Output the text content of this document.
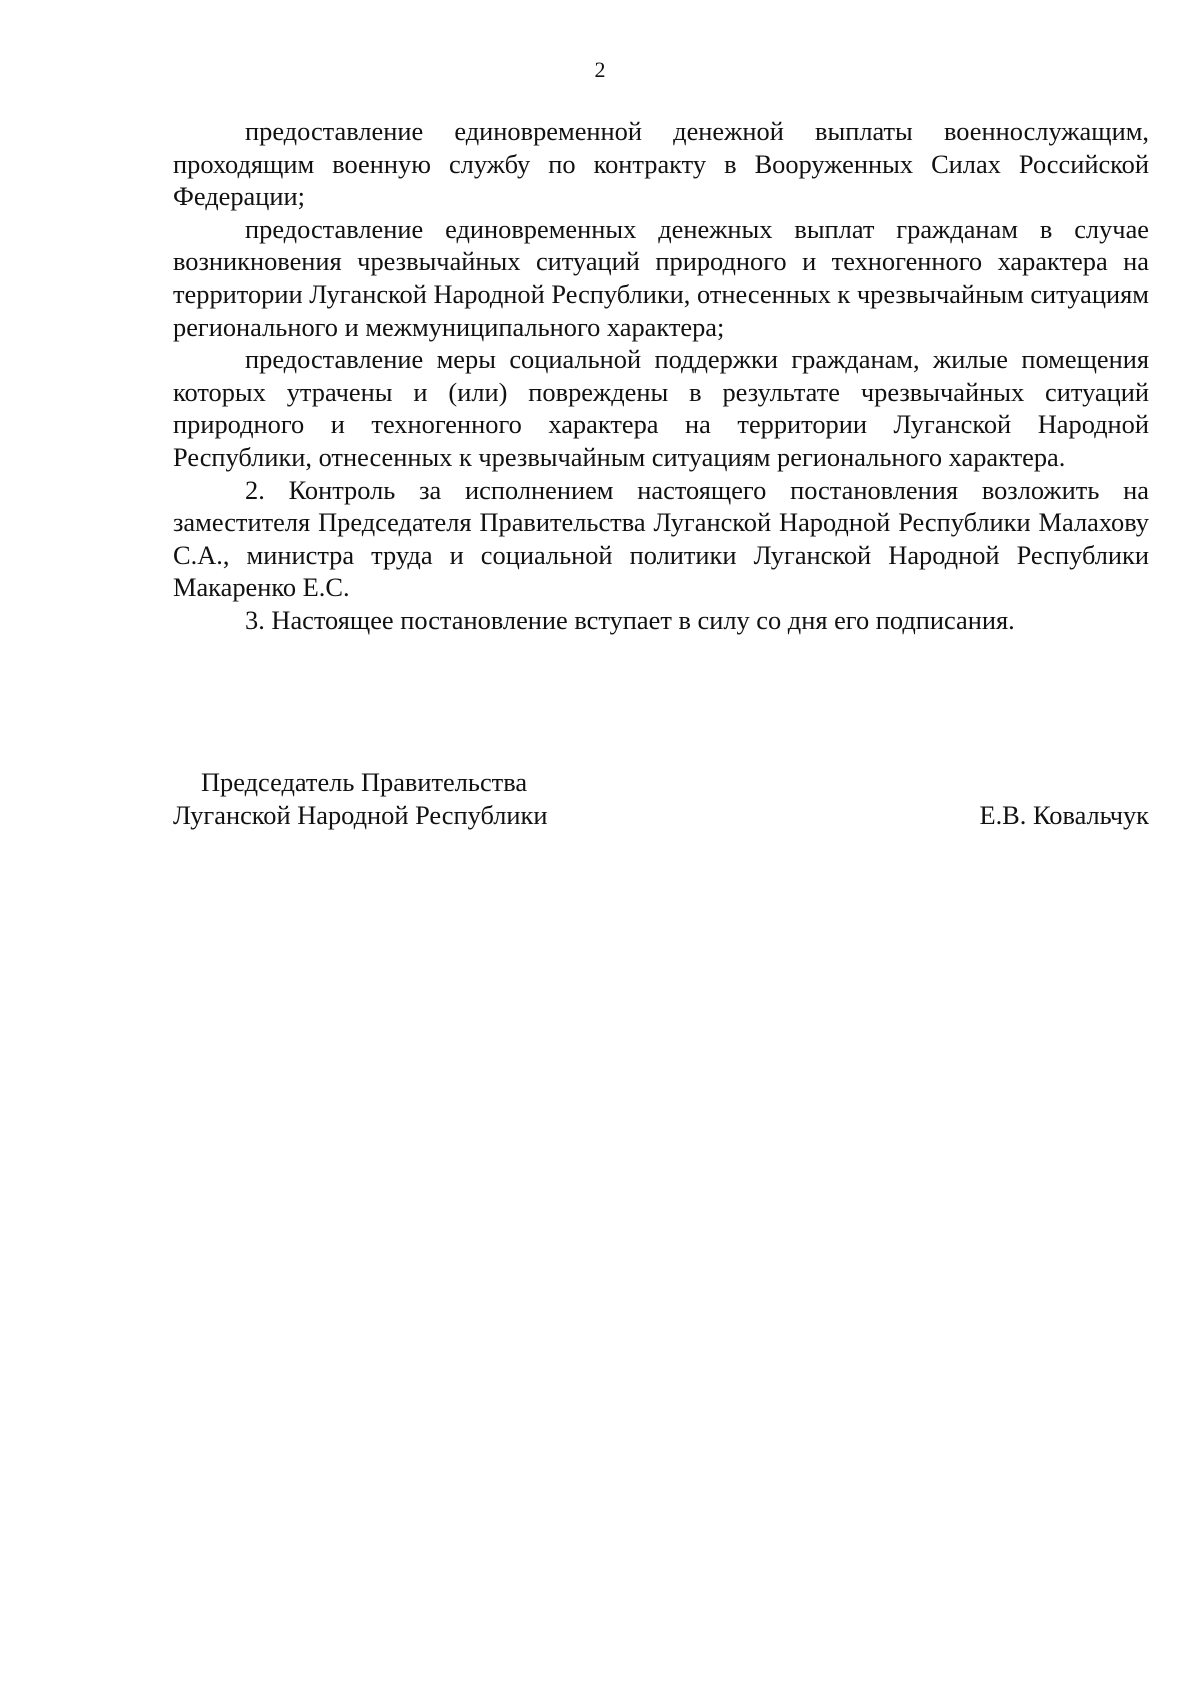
2

предоставление единовременной денежной выплаты военнослужащим, проходящим военную службу по контракту в Вооруженных Силах Российской Федерации;

предоставление единовременных денежных выплат гражданам в случае возникновения чрезвычайных ситуаций природного и техногенного характера на территории Луганской Народной Республики, отнесенных к чрезвычайным ситуациям регионального и межмуниципального характера;

предоставление меры социальной поддержки гражданам, жилые помещения которых утрачены и (или) повреждены в результате чрезвычайных ситуаций природного и техногенного характера на территории Луганской Народной Республики, отнесенных к чрезвычайным ситуациям регионального характера.

2. Контроль за исполнением настоящего постановления возложить на заместителя Председателя Правительства Луганской Народной Республики Малахову С.А., министра труда и социальной политики Луганской Народной Республики Макаренко Е.С.

3. Настоящее постановление вступает в силу со дня его подписания.

Председатель Правительства
Луганской Народной Республики	Е.В. Ковальчук
